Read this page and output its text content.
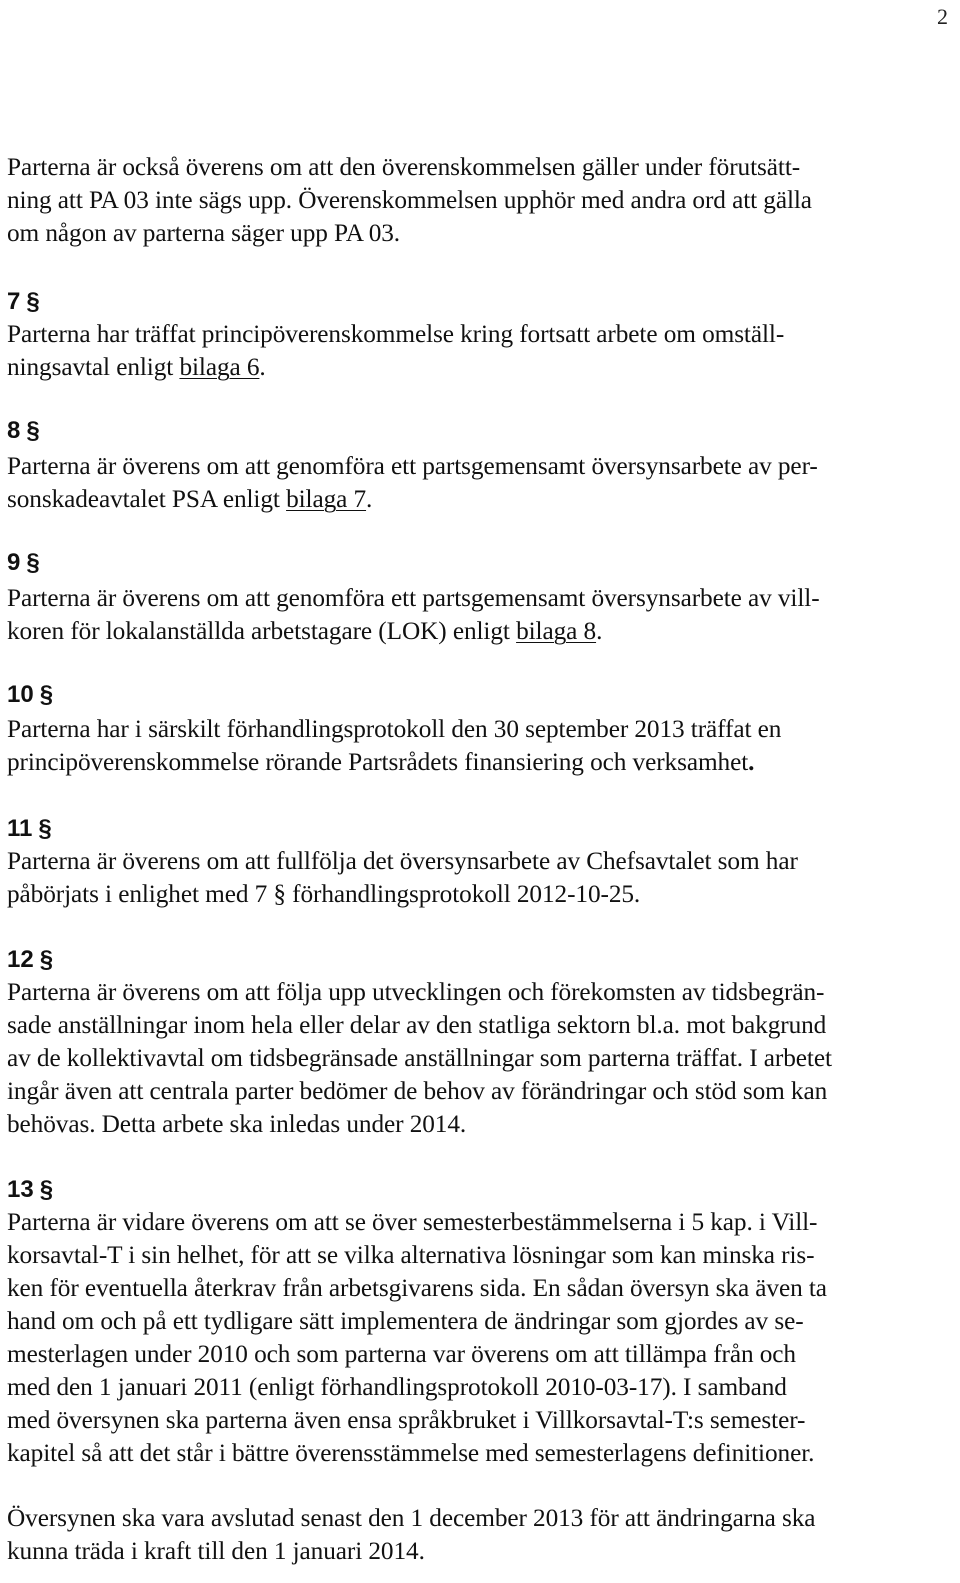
2
Parterna är också överens om att den överenskommelsen gäller under förutsätt-
ning att PA 03 inte sägs upp. Överenskommelsen upphör med andra ord att gälla
om någon av parterna säger upp PA 03.
7 §
Parterna har träffat principöverenskommelse kring fortsatt arbete om omställ-
ningsavtal enligt bilaga 6.
8 §
Parterna är överens om att genomföra ett partsgemensamt översynsarbete av per-
sonskadeavtalet PSA enligt bilaga 7.
9 §
Parterna är överens om att genomföra ett partsgemensamt översynsarbete av vill-
koren för lokalanställda arbetstagare (LOK) enligt bilaga 8.
10 §
Parterna har i särskilt förhandlingsprotokoll den 30 september 2013 träffat en
principöverenskommelse rörande Partsrådets finansiering och verksamhet.
11 §
Parterna är överens om att fullfölja det översynsarbete av Chefsavtalet som har
påbörjats i enlighet med 7 § förhandlingsprotokoll 2012-10-25.
12 §
Parterna är överens om att följa upp utvecklingen och förekomsten av tidsbegrän-
sade anställningar inom hela eller delar av den statliga sektorn bl.a. mot bakgrund
av de kollektivavtal om tidsbegränsade anställningar som parterna träffat. I arbetet
ingår även att centrala parter bedömer de behov av förändringar och stöd som kan
behövas. Detta arbete ska inledas under 2014.
13 §
Parterna är vidare överens om att se över semesterbestämmelserna i 5 kap. i Vill-
korsavtal-T i sin helhet, för att se vilka alternativa lösningar som kan minska ris-
ken för eventuella återkrav från arbetsgivarens sida. En sådan översyn ska även ta
hand om och på ett tydligare sätt implementera de ändringar som gjordes av se-
mesterlagen under 2010 och som parterna var överens om att tillämpa från och
med den 1 januari 2011 (enligt förhandlingsprotokoll 2010-03-17). I samband
med översynen ska parterna även ensa språkbruket i Villkorsavtal-T:s semester-
kapitel så att det står i bättre överensstämmelse med semesterlagens definitioner.
Översynen ska vara avslutad senast den 1 december 2013 för att ändringarna ska
kunna träda i kraft till den 1 januari 2014.
